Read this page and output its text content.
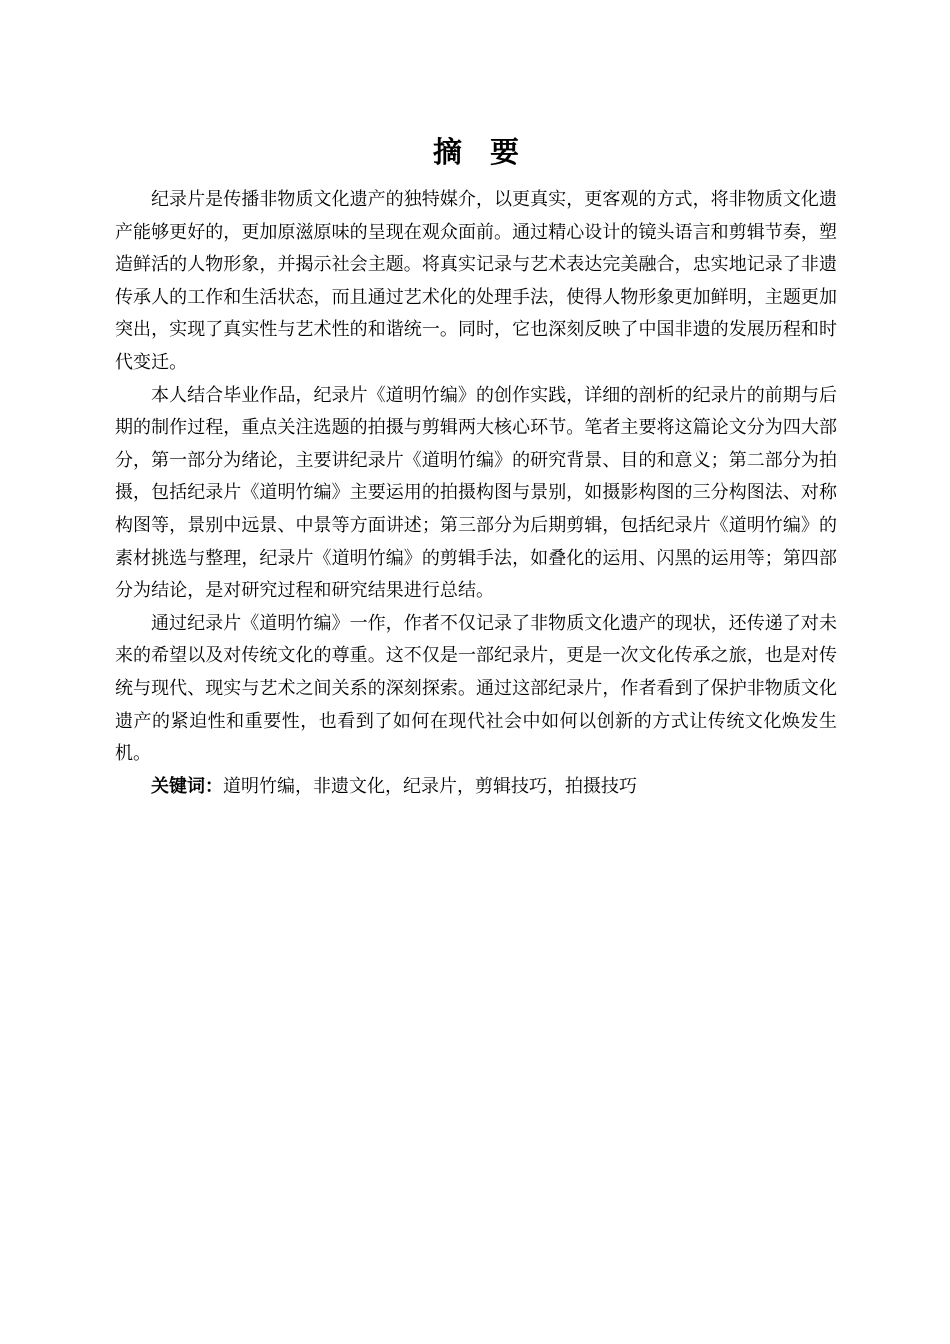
摘要

纪录片是传播非物质文化遗产的独特媒介，以更真实，更客观的方式，将非物质文化遗产能够更好的，更加原滋原味的呈现在观众面前。通过精心设计的镜头语言和剪辑节奏，塑造鲜活的人物形象，并揭示社会主题。将真实记录与艺术表达完美融合，忠实地记录了非遗传承人的工作和生活状态，而且通过艺术化的处理手法，使得人物形象更加鲜明，主题更加突出，实现了真实性与艺术性的和谐统一。同时，它也深刻反映了中国非遗的发展历程和时代变迁。

本人结合毕业作品，纪录片《道明竹编》的创作实践，详细的剖析的纪录片的前期与后期的制作过程，重点关注选题的拍摄与剪辑两大核心环节。笔者主要将这篇论文分为四大部分，第一部分为绪论，主要讲纪录片《道明竹编》的研究背景、目的和意义；第二部分为拍摄，包括纪录片《道明竹编》主要运用的拍摄构图与景别，如摄影构图的三分构图法、对称构图等，景别中远景、中景等方面讲述；第三部分为后期剪辑，包括纪录片《道明竹编》的素材挑选与整理，纪录片《道明竹编》的剪辑手法，如叠化的运用、闪黑的运用等；第四部分为结论，是对研究过程和研究结果进行总结。

通过纪录片《道明竹编》一作，作者不仅记录了非物质文化遗产的现状，还传递了对未来的希望以及对传统文化的尊重。这不仅是一部纪录片，更是一次文化传承之旅，也是对传统与现代、现实与艺术之间关系的深刻探索。通过这部纪录片，作者看到了保护非物质文化遗产的紧迫性和重要性，也看到了如何在现代社会中如何以创新的方式让传统文化焕发生机。

关键词：道明竹编，非遗文化，纪录片，剪辑技巧，拍摄技巧
